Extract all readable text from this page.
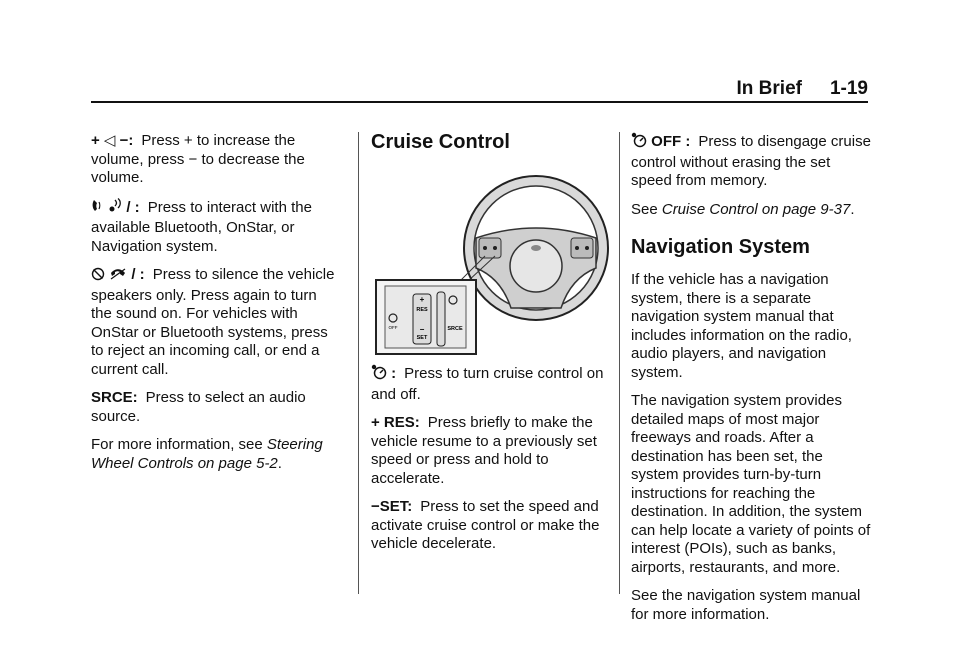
In Brief 1-19

+ ◁ −: Press + to increase the volume, press − to decrease the volume.

/ : Press to interact with the available Bluetooth, OnStar, or Navigation system.

/ : Press to silence the vehicle speakers only. Press again to turn the sound on. For vehicles with OnStar or Bluetooth systems, press to reject an incoming call, or end a current call.

SRCE: Press to select an audio source.

For more information, see Steering Wheel Controls on page 5-2.

Cruise Control
+
RES
−
SET
SRCE
OFF

: Press to turn cruise control on and off.

+ RES: Press briefly to make the vehicle resume to a previously set speed or press and hold to accelerate.

−SET: Press to set the speed and activate cruise control or make the vehicle decelerate.

OFF : Press to disengage cruise control without erasing the set speed from memory.

See Cruise Control on page 9-37.

Navigation System

If the vehicle has a navigation system, there is a separate navigation system manual that includes information on the radio, audio players, and navigation system.

The navigation system provides detailed maps of most major freeways and roads. After a destination has been set, the system provides turn-by-turn instructions for reaching the destination. In addition, the system can help locate a variety of points of interest (POIs), such as banks, airports, restaurants, and more.

See the navigation system manual for more information.
